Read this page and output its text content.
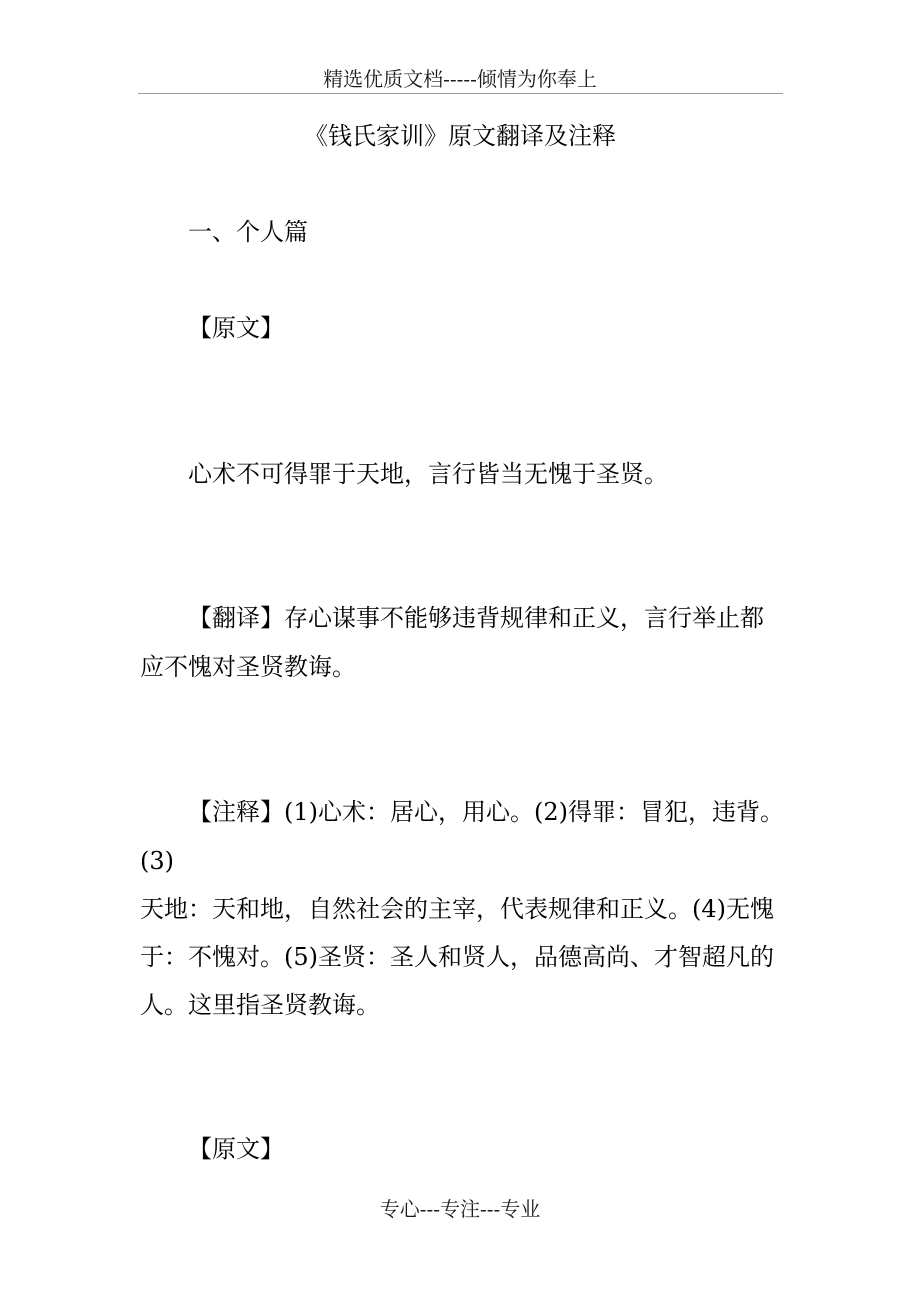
精选优质文档-----倾情为你奉上
《钱氏家训》原文翻译及注释
一、个人篇
【原文】
心术不可得罪于天地，言行皆当无愧于圣贤。
【翻译】存心谋事不能够违背规律和正义，言行举止都
应不愧对圣贤教诲。
【注释】(1)心术：居心，用心。(2)得罪：冒犯，违背。
(3)
天地：天和地，自然社会的主宰，代表规律和正义。(4)无愧
于：不愧对。(5)圣贤：圣人和贤人，品德高尚、才智超凡的
人。这里指圣贤教诲。
【原文】
专心---专注---专业
